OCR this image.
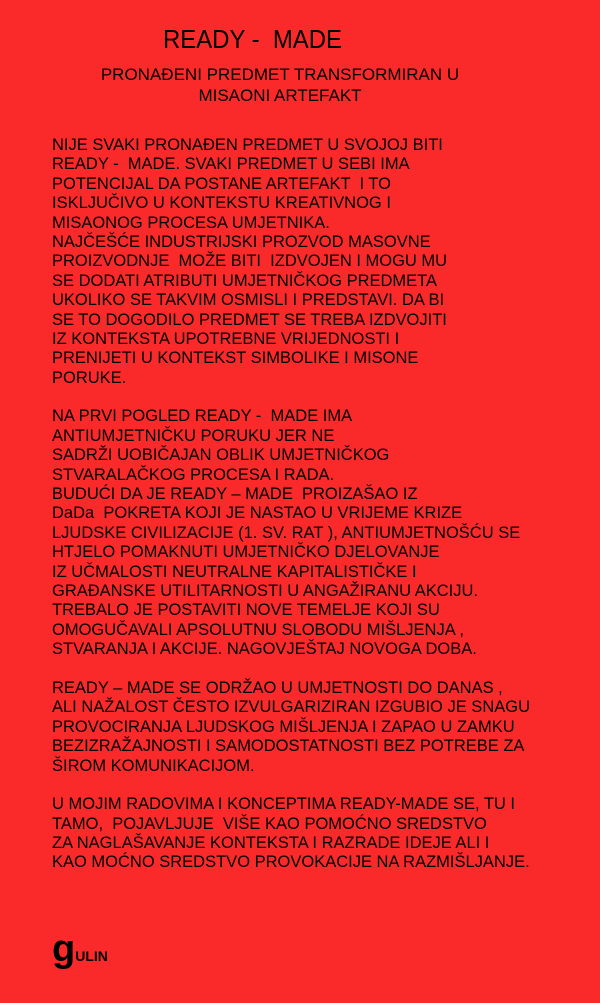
READY -  MADE
PRONAĐENI PREDMET TRANSFORMIRAN U
MISAONI ARTEFAKT
NIJE SVAKI PRONAĐEN PREDMET U SVOJOJ BITI
READY -  MADE. SVAKI PREDMET U SEBI IMA
POTENCIJAL DA POSTANE ARTEFAKT  I TO
ISKLJUČIVO U KONTEKSTU KREATIVNOG I
MISAONOG PROCESA UMJETNIKA.
NAJČEŠĆE INDUSTRIJSKI PROZVOD MASOVNE
PROIZVODNJE  MOŽE BITI  IZDVOJEN I MOGU MU
SE DODATI ATRIBUTI UMJETNIČKOG PREDMETA
UKOLIKO SE TAKVIM OSMISLI I PREDSTAVI. DA BI
SE TO DOGODILO PREDMET SE TREBA IZDVOJITI
IZ KONTEKSTA UPOTREBNE VRIJEDNOSTI I
PRENIJETI U KONTEKST SIMBOLIKE I MISONE
PORUKE.
NA PRVI POGLED READY -  MADE IMA
ANTIUMJETNIČKU PORUKU JER NE
SADRŽI UOBIČAJAN OBLIK UMJETNIČKOG
STVARALAČKOG PROCESA I RADA.
BUDUĆI DA JE READY – MADE  PROIZAŠAO IZ
DaDa  POKRETA KOJI JE NASTAO U VRIJEME KRIZE
LJUDSKE CIVILIZACIJE (1. SV. RAT ), ANTIUMJETNOŠĆU SE
HTJELO POMAKNUTI UMJETNIČKO DJELOVANJE
IZ UČMALOSTI NEUTRALNE KAPITALISTIČKE I
GRAĐANSKE UTILITARNOSTI U ANGAŽIRANU AKCIJU.
TREBALO JE POSTAVITI NOVE TEMELJE KOJI SU
OMOGUČAVALI APSOLUTNU SLOBODU MIŠLJENJA ,
STVARANJA I AKCIJE. NAGOVJEŠTAJ NOVOGA DOBA.
READY – MADE SE ODRŽAO U UMJETNOSTI DO DANAS ,
ALI NAŽALOST ČESTO IZVULGARIZIRAN IZGUBIO JE SNAGU
PROVOCIRANJA LJUDSKOG MIŠLJENJA I ZAPAO U ZAMKU
BEZIZRAŽAJNOSTI I SAMODOSTATNOSTI BEZ POTREBE ZA
ŠIROM KOMUNIKACIJOM.
U MOJIM RADOVIMA I KONCEPTIMA READY-MADE SE, TU I
TAMO,  POJAVLJUJE  VIŠE KAO POMOĆNO SREDSTVO
ZA NAGLAŠAVANJE KONTEKSTA I RAZRADE IDEJE ALI I
KAO MOĆNO SREDSTVO PROVOKACIJE NA RAZMIŠLJANJE.
gULIN
